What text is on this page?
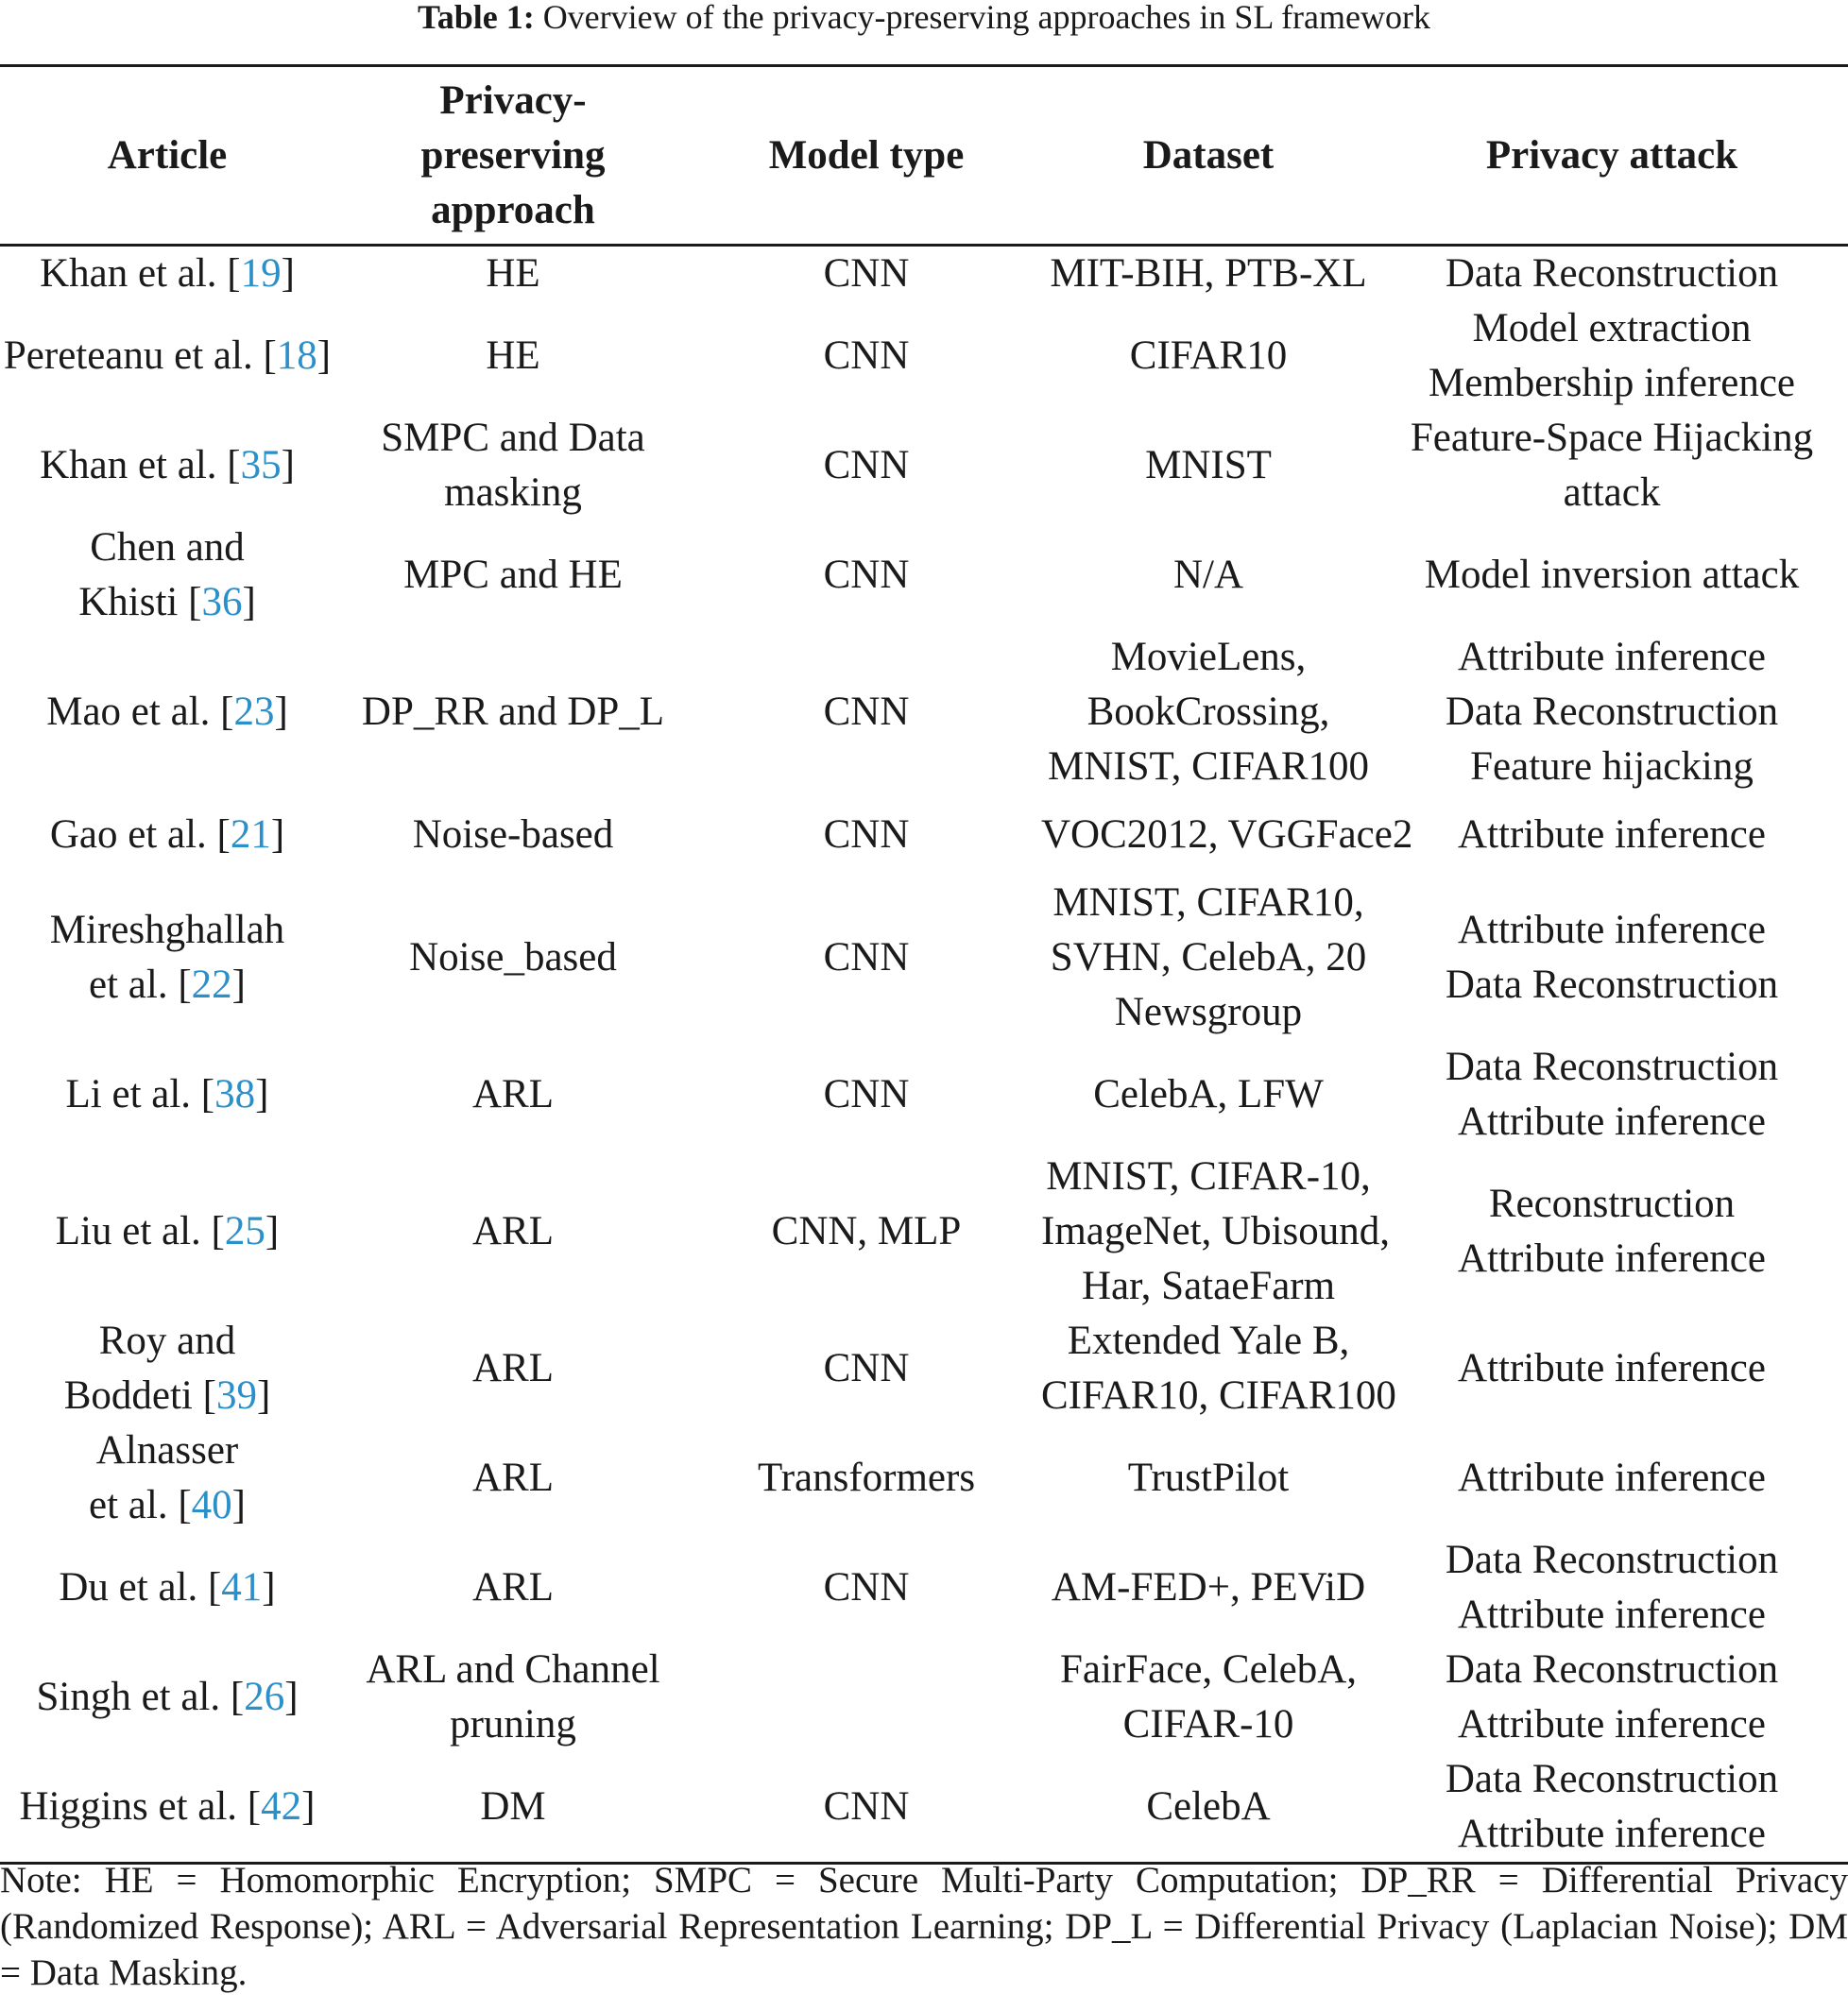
Table 1: Overview of the privacy-preserving approaches in SL framework
Article	Privacy-
preserving
approach	Model type	Dataset	Privacy attack

Khan et al. [19]	HE	CNN	MIT-BIH, PTB-XL	Data Reconstruction

Pereteanu et al. [18]	HE	CNN	CIFAR10	Model extraction
Membership inference

Khan et al. [35]	SMPC and Data
masking	CNN	MNIST	Feature-Space Hijacking
attack

Chen and
Khisti [36]	MPC and HE	CNN	N/A	Model inversion attack

Mao et al. [23]	DP_RR and DP_L	CNN	MovieLens,
BookCrossing,
MNIST, CIFAR100	Attribute inference
Data Reconstruction
Feature hijacking

Gao et al. [21]	Noise-based	CNN	VOC2012, VGGFace2	Attribute inference

Mireshghallah
et al. [22]	Noise_based	CNN	MNIST, CIFAR10,
SVHN, CelebA, 20
Newsgroup	Attribute inference
Data Reconstruction

Li et al. [38]	ARL	CNN	CelebA, LFW	Data Reconstruction
Attribute inference

Liu et al. [25]	ARL	CNN, MLP	MNIST, CIFAR-10,
ImageNet, Ubisound,
Har, SataeFarm	Reconstruction
Attribute inference

Roy and
Boddeti [39]	ARL	CNN	Extended Yale B,
CIFAR10, CIFAR100	Attribute inference

Alnasser
et al. [40]	ARL	Transformers	TrustPilot	Attribute inference

Du et al. [41]	ARL	CNN	AM-FED+, PEViD	Data Reconstruction
Attribute inference

Singh et al. [26]	ARL and Channel
pruning		FairFace, CelebA,
CIFAR-10	Data Reconstruction
Attribute inference

Higgins et al. [42]	DM	CNN	CelebA	Data Reconstruction
Attribute inference
Note: HE = Homomorphic Encryption; SMPC = Secure Multi-Party Computation; DP_RR = Differential Privacy (Randomized Response); ARL = Adversarial Representation Learning; DP_L = Differential Privacy (Laplacian Noise); DM = Data Masking.
